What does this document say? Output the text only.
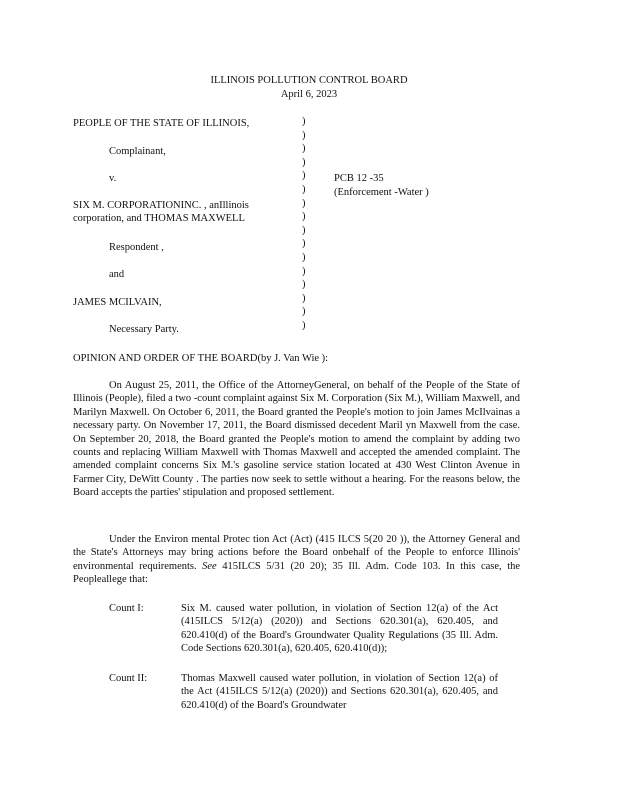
ILLINOIS POLLUTION CONTROL BOARD
April 6, 2023
PEOPLE OF THE STATE OF ILLINOIS,
Complainant,
v.
SIX M. CORPORATIONINC. , anIllinois
corporation, and THOMAS MAXWELL
Respondent ,
and
JAMES MCILVAIN,
Necessary Party.
)
)
)
)
)
)
)
)
)
)
)
)
)
)
)
)
PCB 12 -35
(Enforcement -Water )
OPINION AND ORDER OF THE BOARD(by J. Van Wie ):
On August 25, 2011, the Office of the AttorneyGeneral, on behalf of the People of the State of Illinois (People), filed a two -count complaint against Six M. Corporation (Six M.), William Maxwell, and Marilyn Maxwell. On October 6, 2011, the Board granted the People's motion to join James McIlvainas a necessary party. On November 17, 2011, the Board dismissed decedent Maril yn Maxwell from the case. On September 20, 2018, the Board granted the People's motion to amend the complaint by adding two counts and replacing William Maxwell with Thomas Maxwell and accepted the amended complaint. The amended complaint concerns Six M.'s gasoline service station located at 430 West Clinton Avenue in Farmer City, DeWitt County . The parties now seek to settle without a hearing. For the reasons below, the Board accepts the parties' stipulation and proposed settlement.
Under the Environ mental Protec tion Act (Act) (415 ILCS 5(20 20 )), the Attorney General and the State's Attorneys may bring actions before the Board onbehalf of the People to enforce Illinois' environmental requirements. See 415ILCS 5/31 (20 20); 35 Ill. Adm. Code 103. In this case, the Peopleallege that:
Count I:	Six M. caused water pollution, in violation of Section 12(a) of the Act (415ILCS 5/12(a) (2020)) and Sections 620.301(a), 620.405, and 620.410(d) of the Board's Groundwater Quality Regulations (35 Ill. Adm. Code Sections 620.301(a), 620.405, 620.410(d));
Count II:	Thomas Maxwell caused water pollution, in violation of Section 12(a) of the Act (415ILCS 5/12(a) (2020)) and Sections 620.301(a), 620.405, and 620.410(d) of the Board's Groundwater
